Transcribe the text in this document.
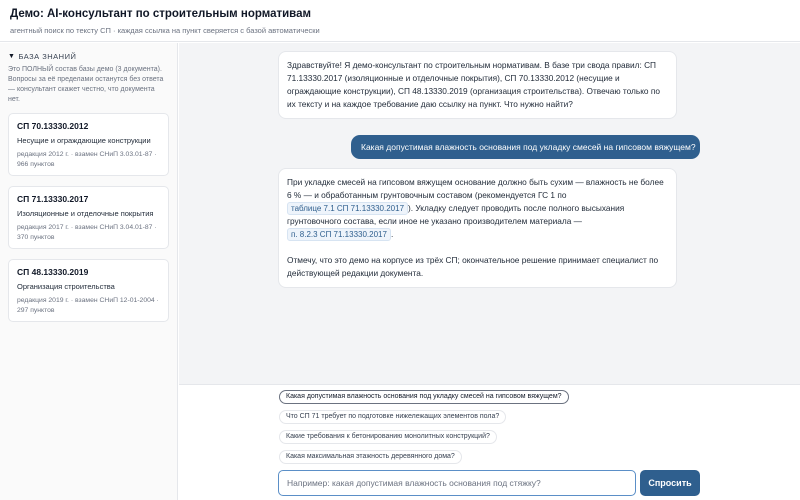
Демо: AI-консультант по строительным нормативам
агентный поиск по тексту СП · каждая ссылка на пункт сверяется с базой автоматически
▼ БАЗА ЗНАНИЙ
Это ПОЛНЫЙ состав базы демо (3 документа). Вопросы за её пределами останутся без ответа — консультант скажет честно, что документа нет.
СП 70.13330.2012
Несущие и ограждающие конструкции
редакция 2012 г. · взамен СНиП 3.03.01-87 · 966 пунктов
СП 71.13330.2017
Изоляционные и отделочные покрытия
редакция 2017 г. · взамен СНиП 3.04.01-87 · 370 пунктов
СП 48.13330.2019
Организация строительства
редакция 2019 г. · взамен СНиП 12-01-2004 · 297 пунктов

Здравствуйте! Я демо-консультант по строительным нормативам. В базе три свода правил: СП 71.13330.2017 (изоляционные и отделочные покрытия), СП 70.13330.2012 (несущие и ограждающие конструкции), СП 48.13330.2019 (организация строительства). Отвечаю только по их тексту и на каждое требование даю ссылку на пункт. Что нужно найти?

Какая допустимая влажность основания под укладку смесей на гипсовом вяжущем?

При укладке смесей на гипсовом вяжущем основание должно быть сухим — влажность не более 6 % — и обработанным грунтовочным составом (рекомендуется ГС 1 по таблице 7.1 СП 71.13330.2017 ). Укладку следует проводить после полного высыхания грунтовочного состава, если иное не указано производителем материала — п. 8.2.3 СП 71.13330.2017 .

Отмечу, что это демо на корпусе из трёх СП; окончательное решение принимает специалист по действующей редакции документа.

Какая допустимая влажность основания под укладку смесей на гипсовом вяжущем?
Что СП 71 требует по подготовке нижележащих элементов пола?
Какие требования к бетонированию монолитных конструкций?
Какая максимальная этажность деревянного дома?
Например: какая допустимая влажность основания под стяжку?
Спросить
